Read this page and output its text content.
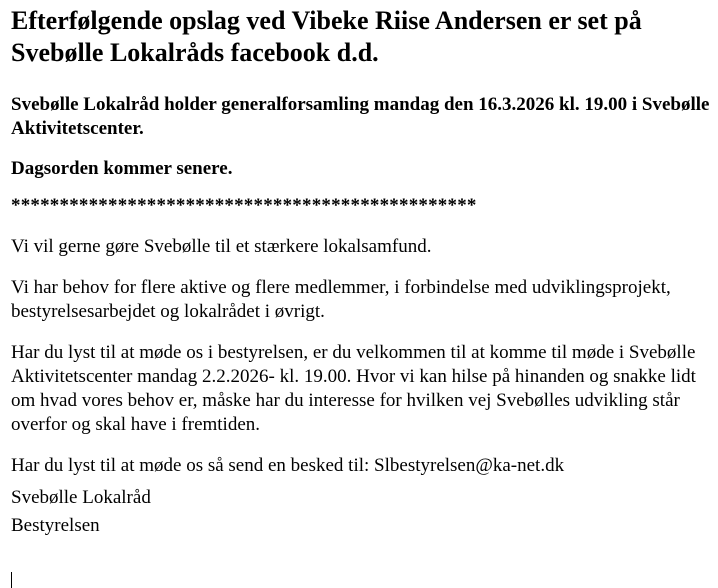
Efterfølgende opslag ved Vibeke Riise Andersen er set på Svebølle Lokalråds facebook d.d.

Svebølle Lokalråd holder generalforsamling mandag den 16.3.2026 kl. 19.00 i Svebølle Aktivitetscenter.

Dagsorden kommer senere.

************************************************

Vi vil gerne gøre Svebølle til et stærkere lokalsamfund.

Vi har behov for flere aktive og flere medlemmer, i forbindelse med udviklingsprojekt, bestyrelsesarbejdet og lokalrådet i øvrigt.

Har du lyst til at møde os i bestyrelsen, er du velkommen til at komme til møde i Svebølle Aktivitetscenter mandag 2.2.2026- kl. 19.00. Hvor vi kan hilse på hinanden og snakke lidt om hvad vores behov er, måske har du interesse for hvilken vej Svebølles udvikling står overfor og skal have i fremtiden.

Har du lyst til at møde os så send en besked til: Slbestyrelsen@ka-net.dk

Svebølle Lokalråd

Bestyrelsen
